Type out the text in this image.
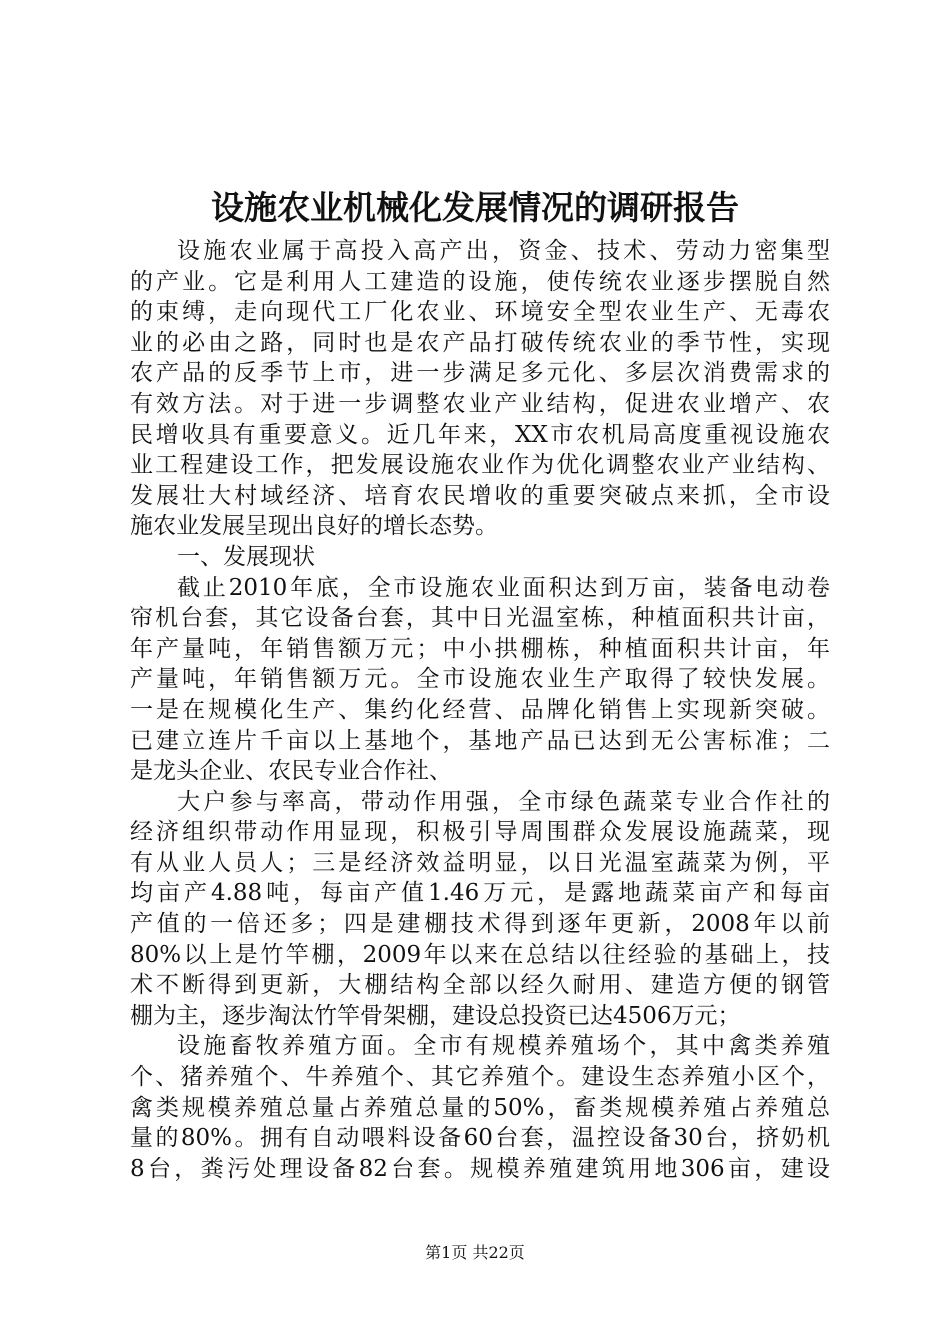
设施农业机械化发展情况的调研报告
设施农业属于高投入高产出，资金、技术、劳动力密集型
的产业。它是利用人工建造的设施，使传统农业逐步摆脱自然
的束缚，走向现代工厂化农业、环境安全型农业生产、无毒农
业的必由之路，同时也是农产品打破传统农业的季节性，实现
农产品的反季节上市，进一步满足多元化、多层次消费需求的
有效方法。对于进一步调整农业产业结构，促进农业增产、农
民增收具有重要意义。近几年来，XX市农机局高度重视设施农
业工程建设工作，把发展设施农业作为优化调整农业产业结构、
发展壮大村域经济、培育农民增收的重要突破点来抓，全市设
施农业发展呈现出良好的增长态势。
一、发展现状
截止2010年底，全市设施农业面积达到万亩，装备电动卷
帘机台套，其它设备台套，其中日光温室栋，种植面积共计亩，
年产量吨，年销售额万元；中小拱棚栋，种植面积共计亩，年
产量吨，年销售额万元。全市设施农业生产取得了较快发展。
一是在规模化生产、集约化经营、品牌化销售上实现新突破。
已建立连片千亩以上基地个，基地产品已达到无公害标准；二
是龙头企业、农民专业合作社、
大户参与率高，带动作用强，全市绿色蔬菜专业合作社的
经济组织带动作用显现，积极引导周围群众发展设施蔬菜，现
有从业人员人；三是经济效益明显，以日光温室蔬菜为例，平
均亩产4.88吨，每亩产值1.46万元，是露地蔬菜亩产和每亩
产值的一倍还多；四是建棚技术得到逐年更新，2008年以前
80%以上是竹竿棚，2009年以来在总结以往经验的基础上，技
术不断得到更新，大棚结构全部以经久耐用、建造方便的钢管
棚为主，逐步淘汰竹竿骨架棚，建设总投资已达4506万元；
设施畜牧养殖方面。全市有规模养殖场个，其中禽类养殖
个、猪养殖个、牛养殖个、其它养殖个。建设生态养殖小区个，
禽类规模养殖总量占养殖总量的50%，畜类规模养殖占养殖总
量的80%。拥有自动喂料设备60台套，温控设备30台，挤奶机
8台，粪污处理设备82台套。规模养殖建筑用地306亩，建设
第1页 共22页
